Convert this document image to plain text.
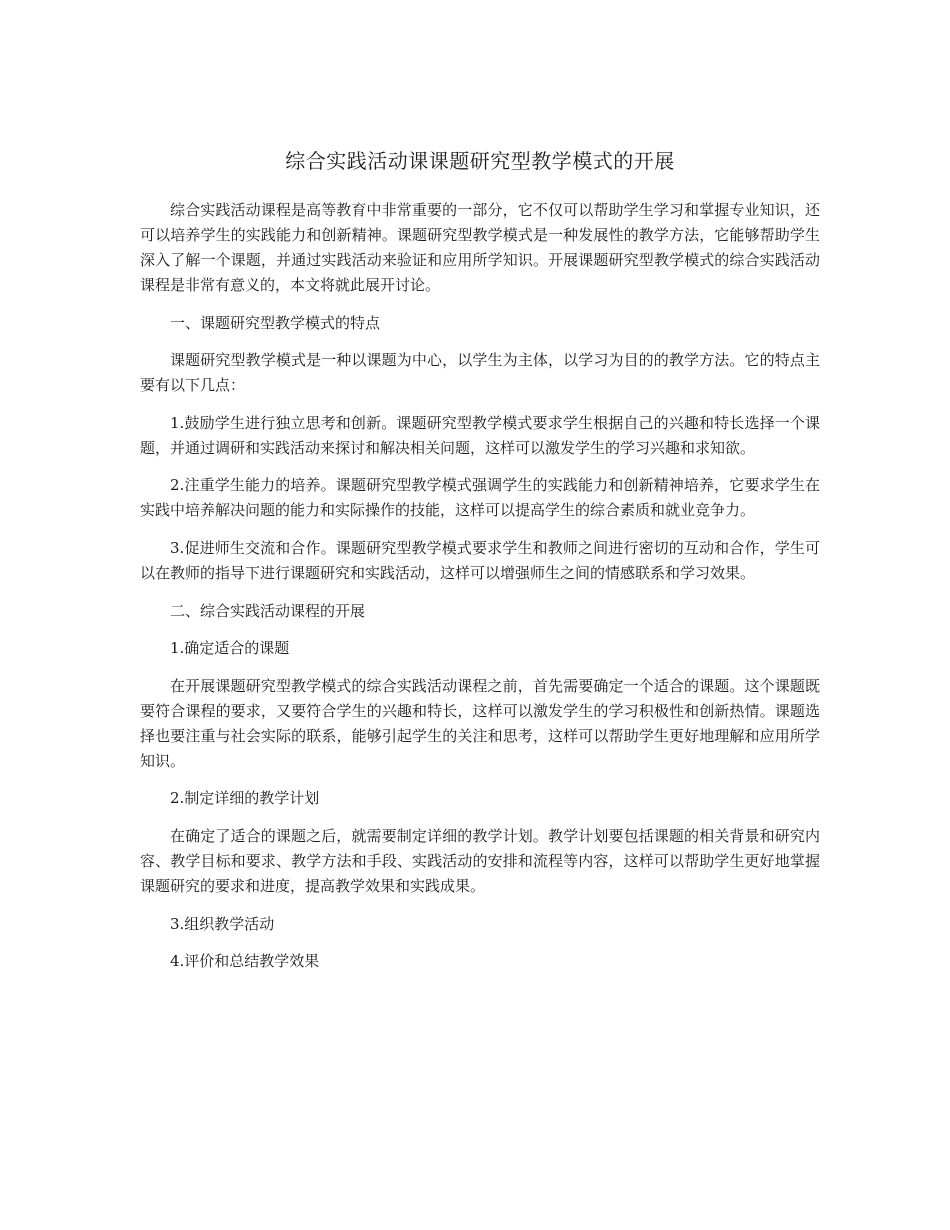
综合实践活动课课题研究型教学模式的开展

综合实践活动课程是高等教育中非常重要的一部分，它不仅可以帮助学生学习和掌握专业知识，还可以培养学生的实践能力和创新精神。课题研究型教学模式是一种发展性的教学方法，它能够帮助学生深入了解一个课题，并通过实践活动来验证和应用所学知识。开展课题研究型教学模式的综合实践活动课程是非常有意义的，本文将就此展开讨论。

一、课题研究型教学模式的特点

课题研究型教学模式是一种以课题为中心，以学生为主体，以学习为目的的教学方法。它的特点主要有以下几点：

1.鼓励学生进行独立思考和创新。课题研究型教学模式要求学生根据自己的兴趣和特长选择一个课题，并通过调研和实践活动来探讨和解决相关问题，这样可以激发学生的学习兴趣和求知欲。

2.注重学生能力的培养。课题研究型教学模式强调学生的实践能力和创新精神培养，它要求学生在实践中培养解决问题的能力和实际操作的技能，这样可以提高学生的综合素质和就业竞争力。

3.促进师生交流和合作。课题研究型教学模式要求学生和教师之间进行密切的互动和合作，学生可以在教师的指导下进行课题研究和实践活动，这样可以增强师生之间的情感联系和学习效果。

二、综合实践活动课程的开展

1.确定适合的课题

在开展课题研究型教学模式的综合实践活动课程之前，首先需要确定一个适合的课题。这个课题既要符合课程的要求，又要符合学生的兴趣和特长，这样可以激发学生的学习积极性和创新热情。课题选择也要注重与社会实际的联系，能够引起学生的关注和思考，这样可以帮助学生更好地理解和应用所学知识。

2.制定详细的教学计划

在确定了适合的课题之后，就需要制定详细的教学计划。教学计划要包括课题的相关背景和研究内容、教学目标和要求、教学方法和手段、实践活动的安排和流程等内容，这样可以帮助学生更好地掌握课题研究的要求和进度，提高教学效果和实践成果。

3.组织教学活动

4.评价和总结教学效果
